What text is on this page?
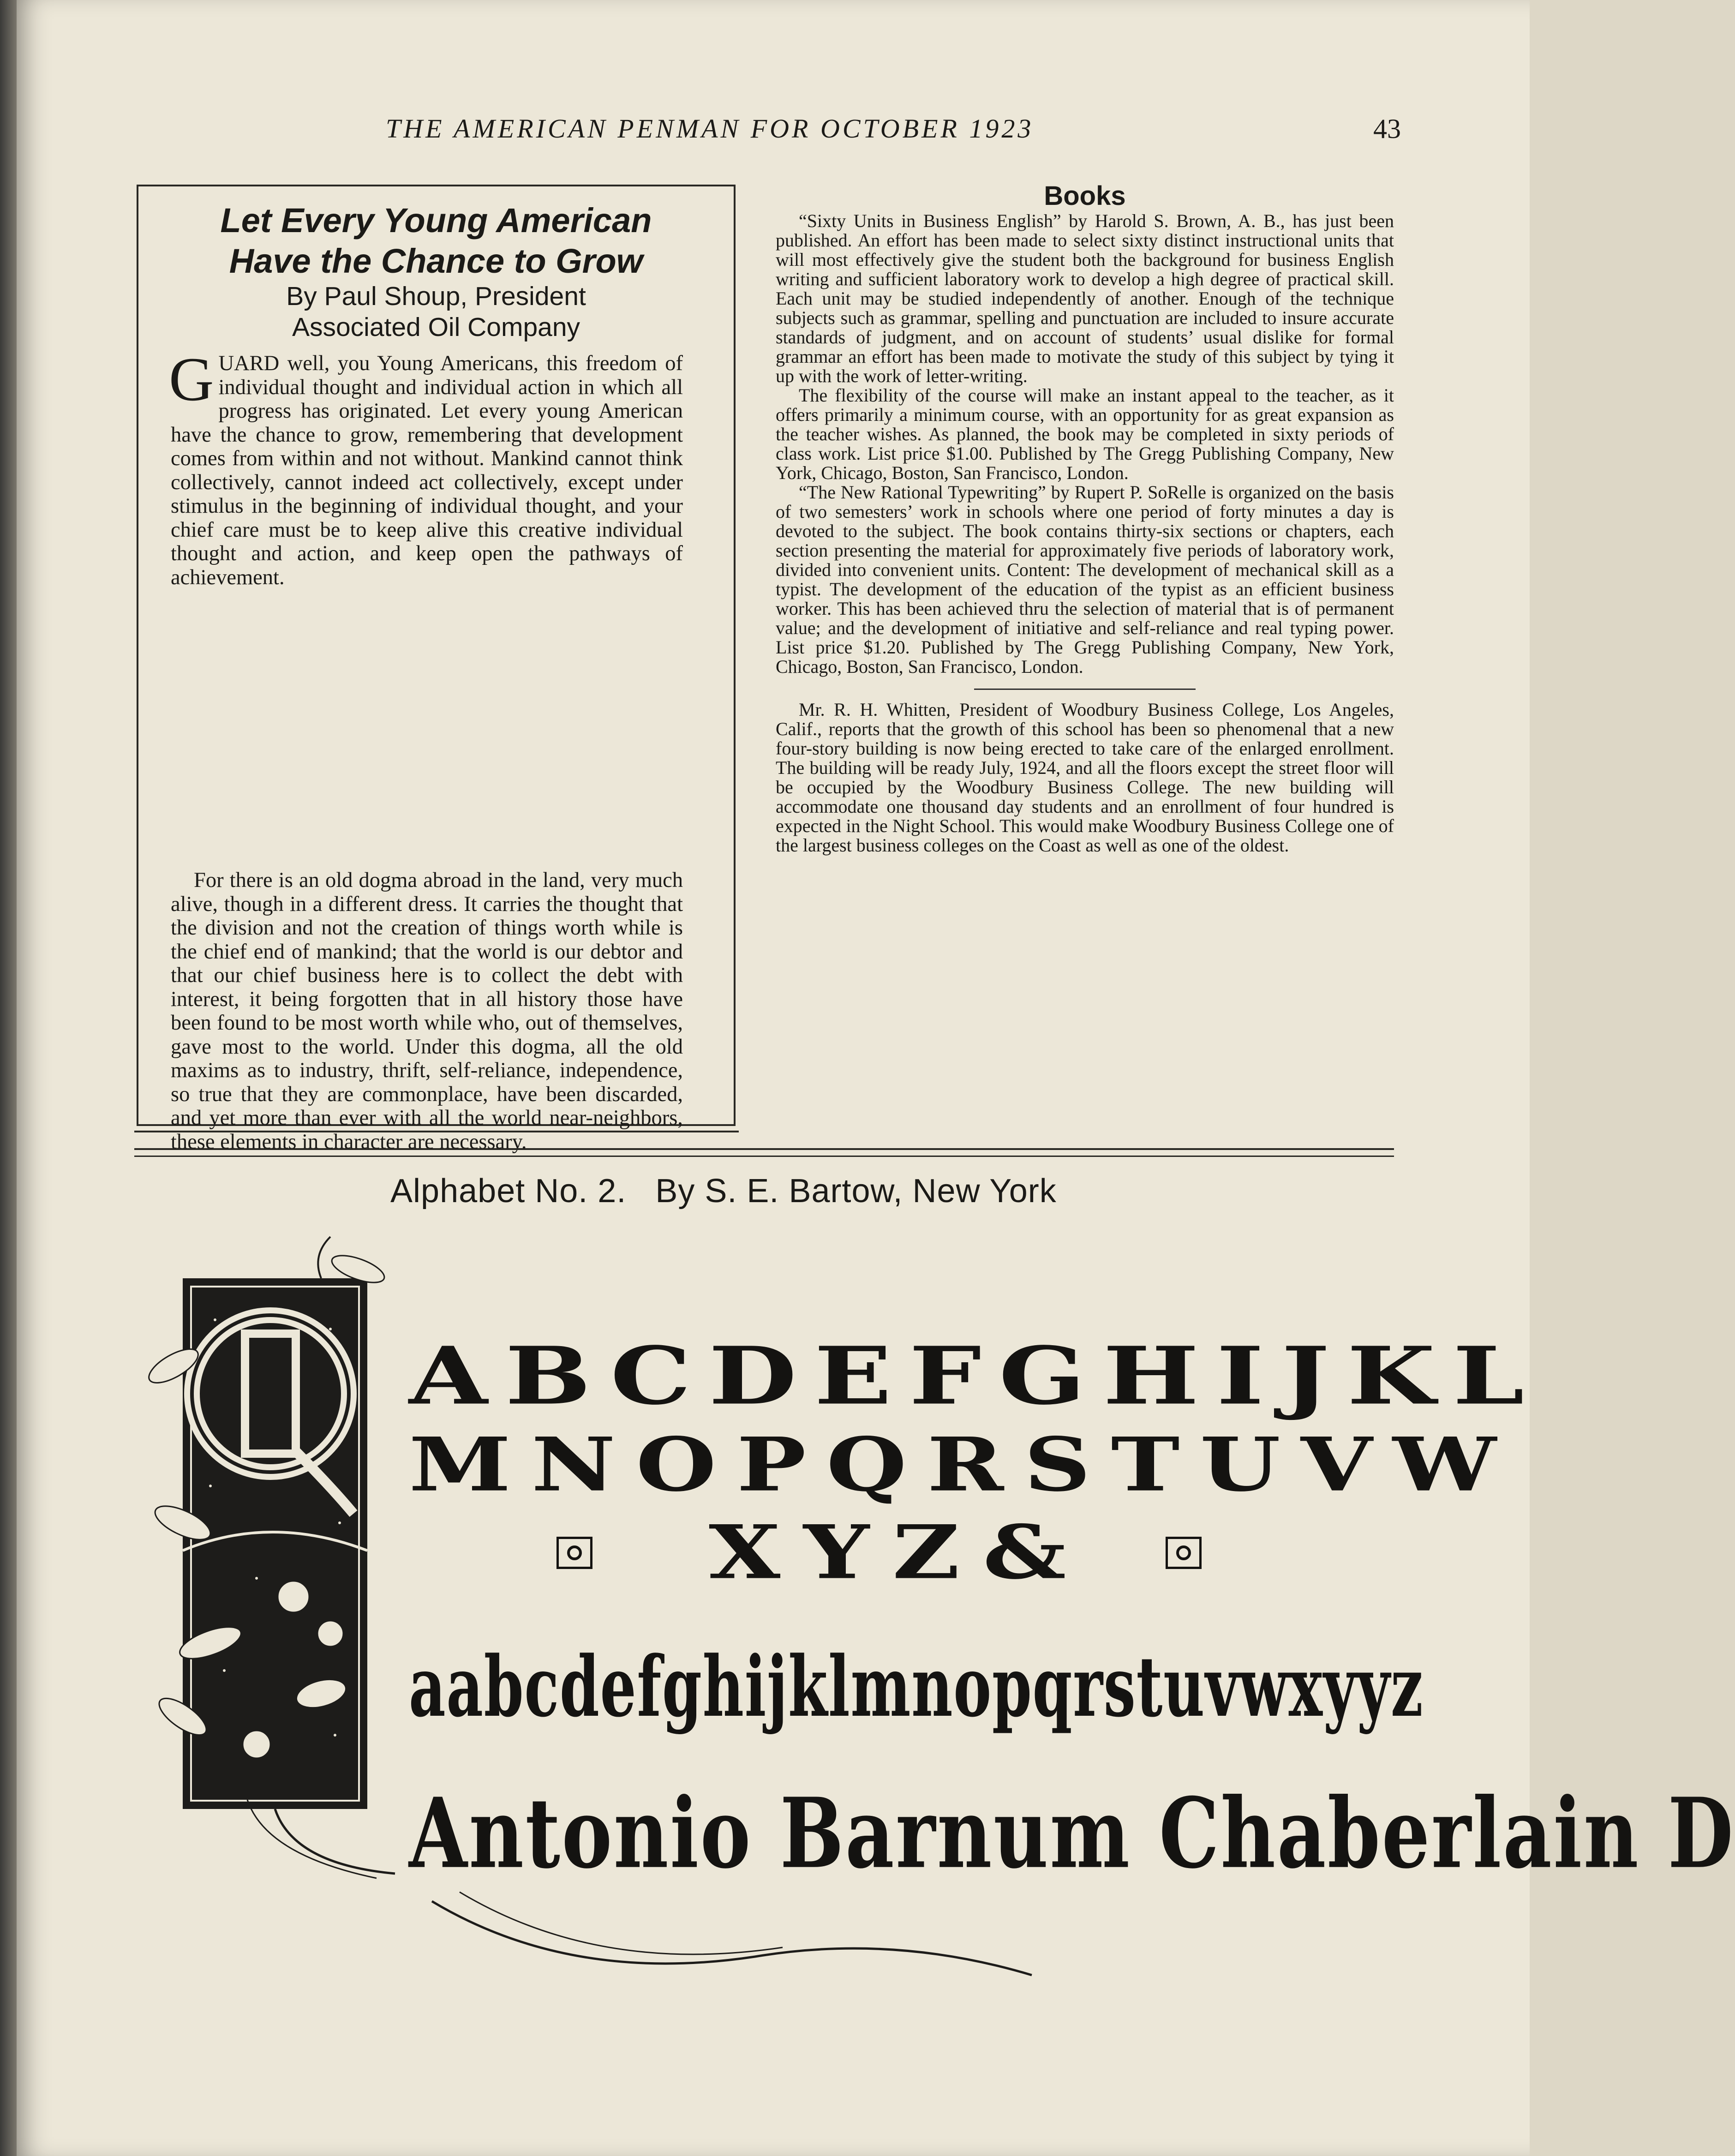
THE AMERICAN PENMAN FOR OCTOBER 1923	43
Let Every Young American
Have the Chance to Grow
By Paul Shoup, President
Associated Oil Company
GUARD well, you Young Americans, this freedom of individual thought and individual action in which all progress has originated. Let every young American have the chance to grow, remembering that development comes from within and not without. Mankind cannot think collectively, cannot indeed act collectively, except under stimulus in the beginning of individual thought, and your chief care must be to keep alive this creative individual thought and action, and keep open the pathways of achievement.
For there is an old dogma abroad in the land, very much alive, though in a different dress. It carries the thought that the division and not the creation of things worth while is the chief end of mankind; that the world is our debtor and that our chief business here is to collect the debt with interest, it being forgotten that in all history those have been found to be most worth while who, out of themselves, gave most to the world. Under this dogma, all the old maxims as to industry, thrift, self-reliance, independence, so true that they are commonplace, have been discarded, and yet more than ever with all the world near-neighbors, these elements in character are necessary.
Books

“Sixty Units in Business English” by Harold S. Brown, A. B., has just been published. An effort has been made to select sixty distinct instructional units that will most effectively give the student both the background for business English writing and sufficient laboratory work to develop a high degree of practical skill. Each unit may be studied independently of another. Enough of the technique subjects such as grammar, spelling and punctuation are included to insure accurate standards of judgment, and on account of students’ usual dislike for formal grammar an effort has been made to motivate the study of this subject by tying it up with the work of letter-writing.

The flexibility of the course will make an instant appeal to the teacher, as it offers primarily a minimum course, with an opportunity for as great expansion as the teacher wishes. As planned, the book may be completed in sixty periods of class work. List price $1.00. Published by The Gregg Publishing Company, New York, Chicago, Boston, San Francisco, London.

“The New Rational Typewriting” by Rupert P. SoRelle is organized on the basis of two semesters’ work in schools where one period of forty minutes a day is devoted to the subject. The book contains thirty-six sections or chapters, each section presenting the material for approximately five periods of laboratory work, divided into convenient units. Content: The development of mechanical skill as a typist. The development of the education of the typist as an efficient business worker. This has been achieved thru the selection of material that is of permanent value; and the development of initiative and self-reliance and real typing power. List price $1.20. Published by The Gregg Publishing Company, New York, Chicago, Boston, San Francisco, London.

Mr. R. H. Whitten, President of Woodbury Business College, Los Angeles, Calif., reports that the growth of this school has been so phenomenal that a new four-story building is now being erected to take care of the enlarged enrollment. The building will be ready July, 1924, and all the floors except the street floor will be occupied by the Woodbury Business College. The new building will accommodate one thousand day students and an enrollment of four hundred is expected in the Night School. This would make Woodbury Business College one of the largest business colleges on the Coast as well as one of the oldest.

Alphabet No. 2.   By S. E. Bartow, New York
ABCDEFGHIJKL
MNOPQRSTUVW
XYZ&
aabcdefghijklmnopqrstuvwxyyz
Antonio Barnum Chaberlain D
